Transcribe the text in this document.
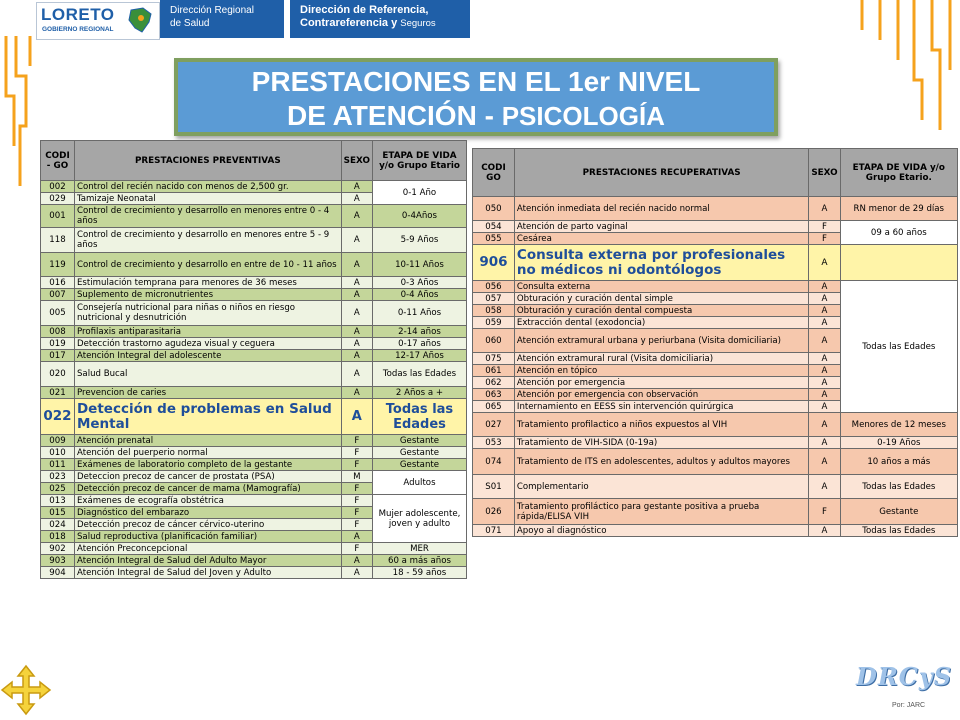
LORETO
GOBIERNO REGIONAL
Dirección Regional
de Salud
Dirección de Referencia,
Contrareferencia y Seguros
PRESTACIONES EN EL 1er NIVEL
DE ATENCIÓN - PSICOLOGÍA
CODI - GO	PRESTACIONES PREVENTIVAS	SEXO	ETAPA DE VIDA y/o Grupo Etario
002	Control del recién nacido con menos de 2,500 gr.	A	0-1 Año
029	Tamizaje Neonatal	A	
001	Control de crecimiento y desarrollo en menores entre 0 - 4 años	A	0-4Años
118	Control de crecimiento y desarrollo en menores entre 5 - 9 años	A	5-9 Años
119	Control de crecimiento y desarrollo en entre de 10 - 11 años	A	10-11 Años
016	Estimulación temprana para menores de 36 meses	A	0-3 Años
007	Suplemento de micronutrientes	A	0-4 Años
005	Consejería nutricional para niñas o niños en riesgo nutricional y desnutrición	A	0-11 Años
008	Profilaxis antiparasitaria	A	2-14 años
019	Detección trastorno agudeza visual y ceguera	A	0-17 años
017	Atención Integral del adolescente	A	12-17 Años
020	Salud Bucal	A	Todas las Edades
021	Prevencion de caries	A	2 Años a +
022	Detección de problemas en Salud Mental	A	Todas las Edades
009	Atención prenatal	F	Gestante
010	Atención del puerperio normal	F	Gestante
011	Exámenes de laboratorio completo de la gestante	F	Gestante
023	Deteccion precoz de cancer de prostata (PSA)	M	Adultos
025	Detección precoz de cancer de mama (Mamografía)	F	
013	Exámenes de ecografía obstétrica	F	Mujer adolescente, joven y adulto
015	Diagnóstico del embarazo	F	
024	Detección precoz de cáncer cérvico-uterino	F	
018	Salud reproductiva (planificación familiar)	A	
902	Atención Preconcepcional	F	MER
903	Atención Integral de Salud del Adulto Mayor	A	60 a más años
904	Atención Integral de Salud del Joven y Adulto	A	18 - 59 años
CODI GO	PRESTACIONES RECUPERATIVAS	SEXO	ETAPA DE VIDA y/o Grupo Etario.
050	Atención inmediata del recién nacido normal	A	RN menor de 29 días
054	Atención de parto vaginal	F	09 a 60 años
055	Cesárea	F	
906	Consulta externa por profesionales no médicos ni odontólogos	A	
056	Consulta externa	A	Todas las Edades
057	Obturación y curación dental simple	A	
058	Obturación y curación dental compuesta	A	
059	Extracción dental (exodoncia)	A	
060	Atención extramural urbana y periurbana (Visita domiciliaria)	A	
075	Atención extramural rural (Visita domiciliaria)	A	
061	Atención en tópico	A	
062	Atención por emergencia	A	
063	Atención por emergencia con observación	A	
065	Internamiento en EESS sin intervención quirúrgica	A	
027	Tratamiento profilactico a niños expuestos al VIH	A	Menores de 12 meses
053	Tratamiento de VIH-SIDA (0-19a)	A	0-19 Años
074	Tratamiento de ITS en adolescentes, adultos y adultos mayores	A	10 años a más
S01	Complementario	A	Todas las Edades
026	Tratamiento profiláctico para gestante positiva a prueba rápida/ELISA VIH	F	Gestante
071	Apoyo al diagnóstico	A	Todas las Edades
DRCyS
Por: JARC
